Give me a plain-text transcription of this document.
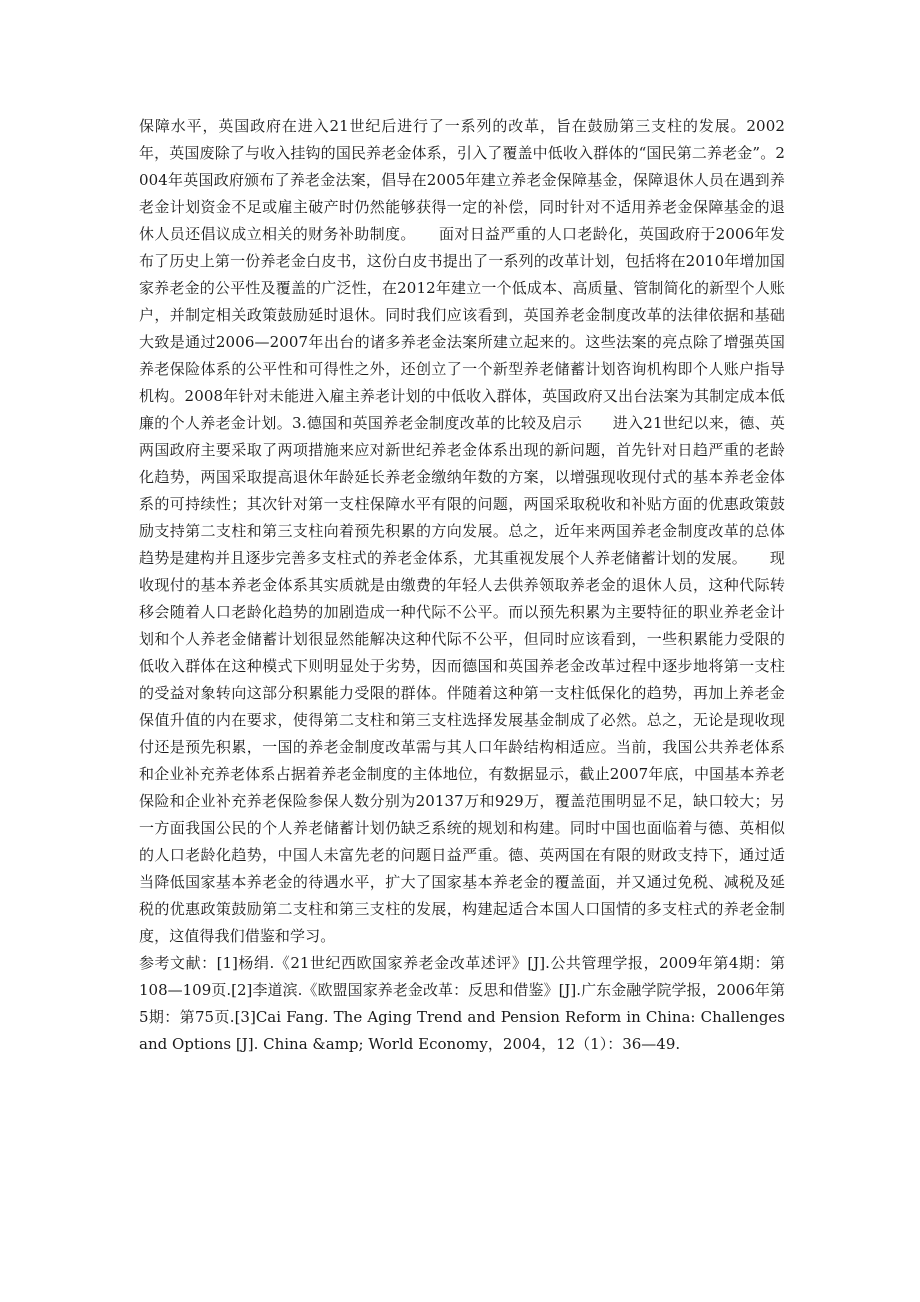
保障水平，英国政府在进入21世纪后进行了一系列的改革，旨在鼓励第三支柱的发展。2002年，英国废除了与收入挂钩的国民养老金体系，引入了覆盖中低收入群体的“国民第二养老金”。2004年英国政府颁布了养老金法案，倡导在2005年建立养老金保障基金，保障退休人员在遇到养老金计划资金不足或雇主破产时仍然能够获得一定的补偿，同时针对不适用养老金保障基金的退休人员还倡议成立相关的财务补助制度。　　面对日益严重的人口老龄化，英国政府于2006年发布了历史上第一份养老金白皮书，这份白皮书提出了一系列的改革计划，包括将在2010年增加国家养老金的公平性及覆盖的广泛性，在2012年建立一个低成本、高质量、管制简化的新型个人账户，并制定相关政策鼓励延时退休。同时我们应该看到，英国养老金制度改革的法律依据和基础大致是通过2006—2007年出台的诸多养老金法案所建立起来的。这些法案的亮点除了增强英国养老保险体系的公平性和可得性之外，还创立了一个新型养老储蓄计划咨询机构即个人账户指导机构。2008年针对未能进入雇主养老计划的中低收入群体，英国政府又出台法案为其制定成本低廉的个人养老金计划。3.德国和英国养老金制度改革的比较及启示　　进入21世纪以来，德、英两国政府主要采取了两项措施来应对新世纪养老金体系出现的新问题，首先针对日趋严重的老龄化趋势，两国采取提高退休年龄延长养老金缴纳年数的方案，以增强现收现付式的基本养老金体系的可持续性；其次针对第一支柱保障水平有限的问题，两国采取税收和补贴方面的优惠政策鼓励支持第二支柱和第三支柱向着预先积累的方向发展。总之，近年来两国养老金制度改革的总体趋势是建构并且逐步完善多支柱式的养老金体系，尤其重视发展个人养老储蓄计划的发展。　　现收现付的基本养老金体系其实质就是由缴费的年轻人去供养领取养老金的退休人员，这种代际转移会随着人口老龄化趋势的加剧造成一种代际不公平。而以预先积累为主要特征的职业养老金计划和个人养老金储蓄计划很显然能解决这种代际不公平，但同时应该看到，一些积累能力受限的低收入群体在这种模式下则明显处于劣势，因而德国和英国养老金改革过程中逐步地将第一支柱的受益对象转向这部分积累能力受限的群体。伴随着这种第一支柱低保化的趋势，再加上养老金保值升值的内在要求，使得第二支柱和第三支柱选择发展基金制成了必然。总之，无论是现收现付还是预先积累，一国的养老金制度改革需与其人口年龄结构相适应。当前，我国公共养老体系和企业补充养老体系占据着养老金制度的主体地位，有数据显示，截止2007年底，中国基本养老保险和企业补充养老保险参保人数分别为20137万和929万，覆盖范围明显不足，缺口较大；另一方面我国公民的个人养老储蓄计划仍缺乏系统的规划和构建。同时中国也面临着与德、英相似的人口老龄化趋势，中国人未富先老的问题日益严重。德、英两国在有限的财政支持下，通过适当降低国家基本养老金的待遇水平，扩大了国家基本养老金的覆盖面，并又通过免税、减税及延税的优惠政策鼓励第二支柱和第三支柱的发展，构建起适合本国人口国情的多支柱式的养老金制度，这值得我们借鉴和学习。

参考文献：[1]杨绢.《21世纪西欧国家养老金改革述评》[J].公共管理学报，2009年第4期：第108—109页.[2]李道滨.《欧盟国家养老金改革：反思和借鉴》[J].广东金融学院学报，2006年第5期：第75页.[3]Cai Fang. The Aging Trend and Pension Reform in China: Challenges and Options [J]. China &amp; World Economy，2004，12（1）：36—49.
